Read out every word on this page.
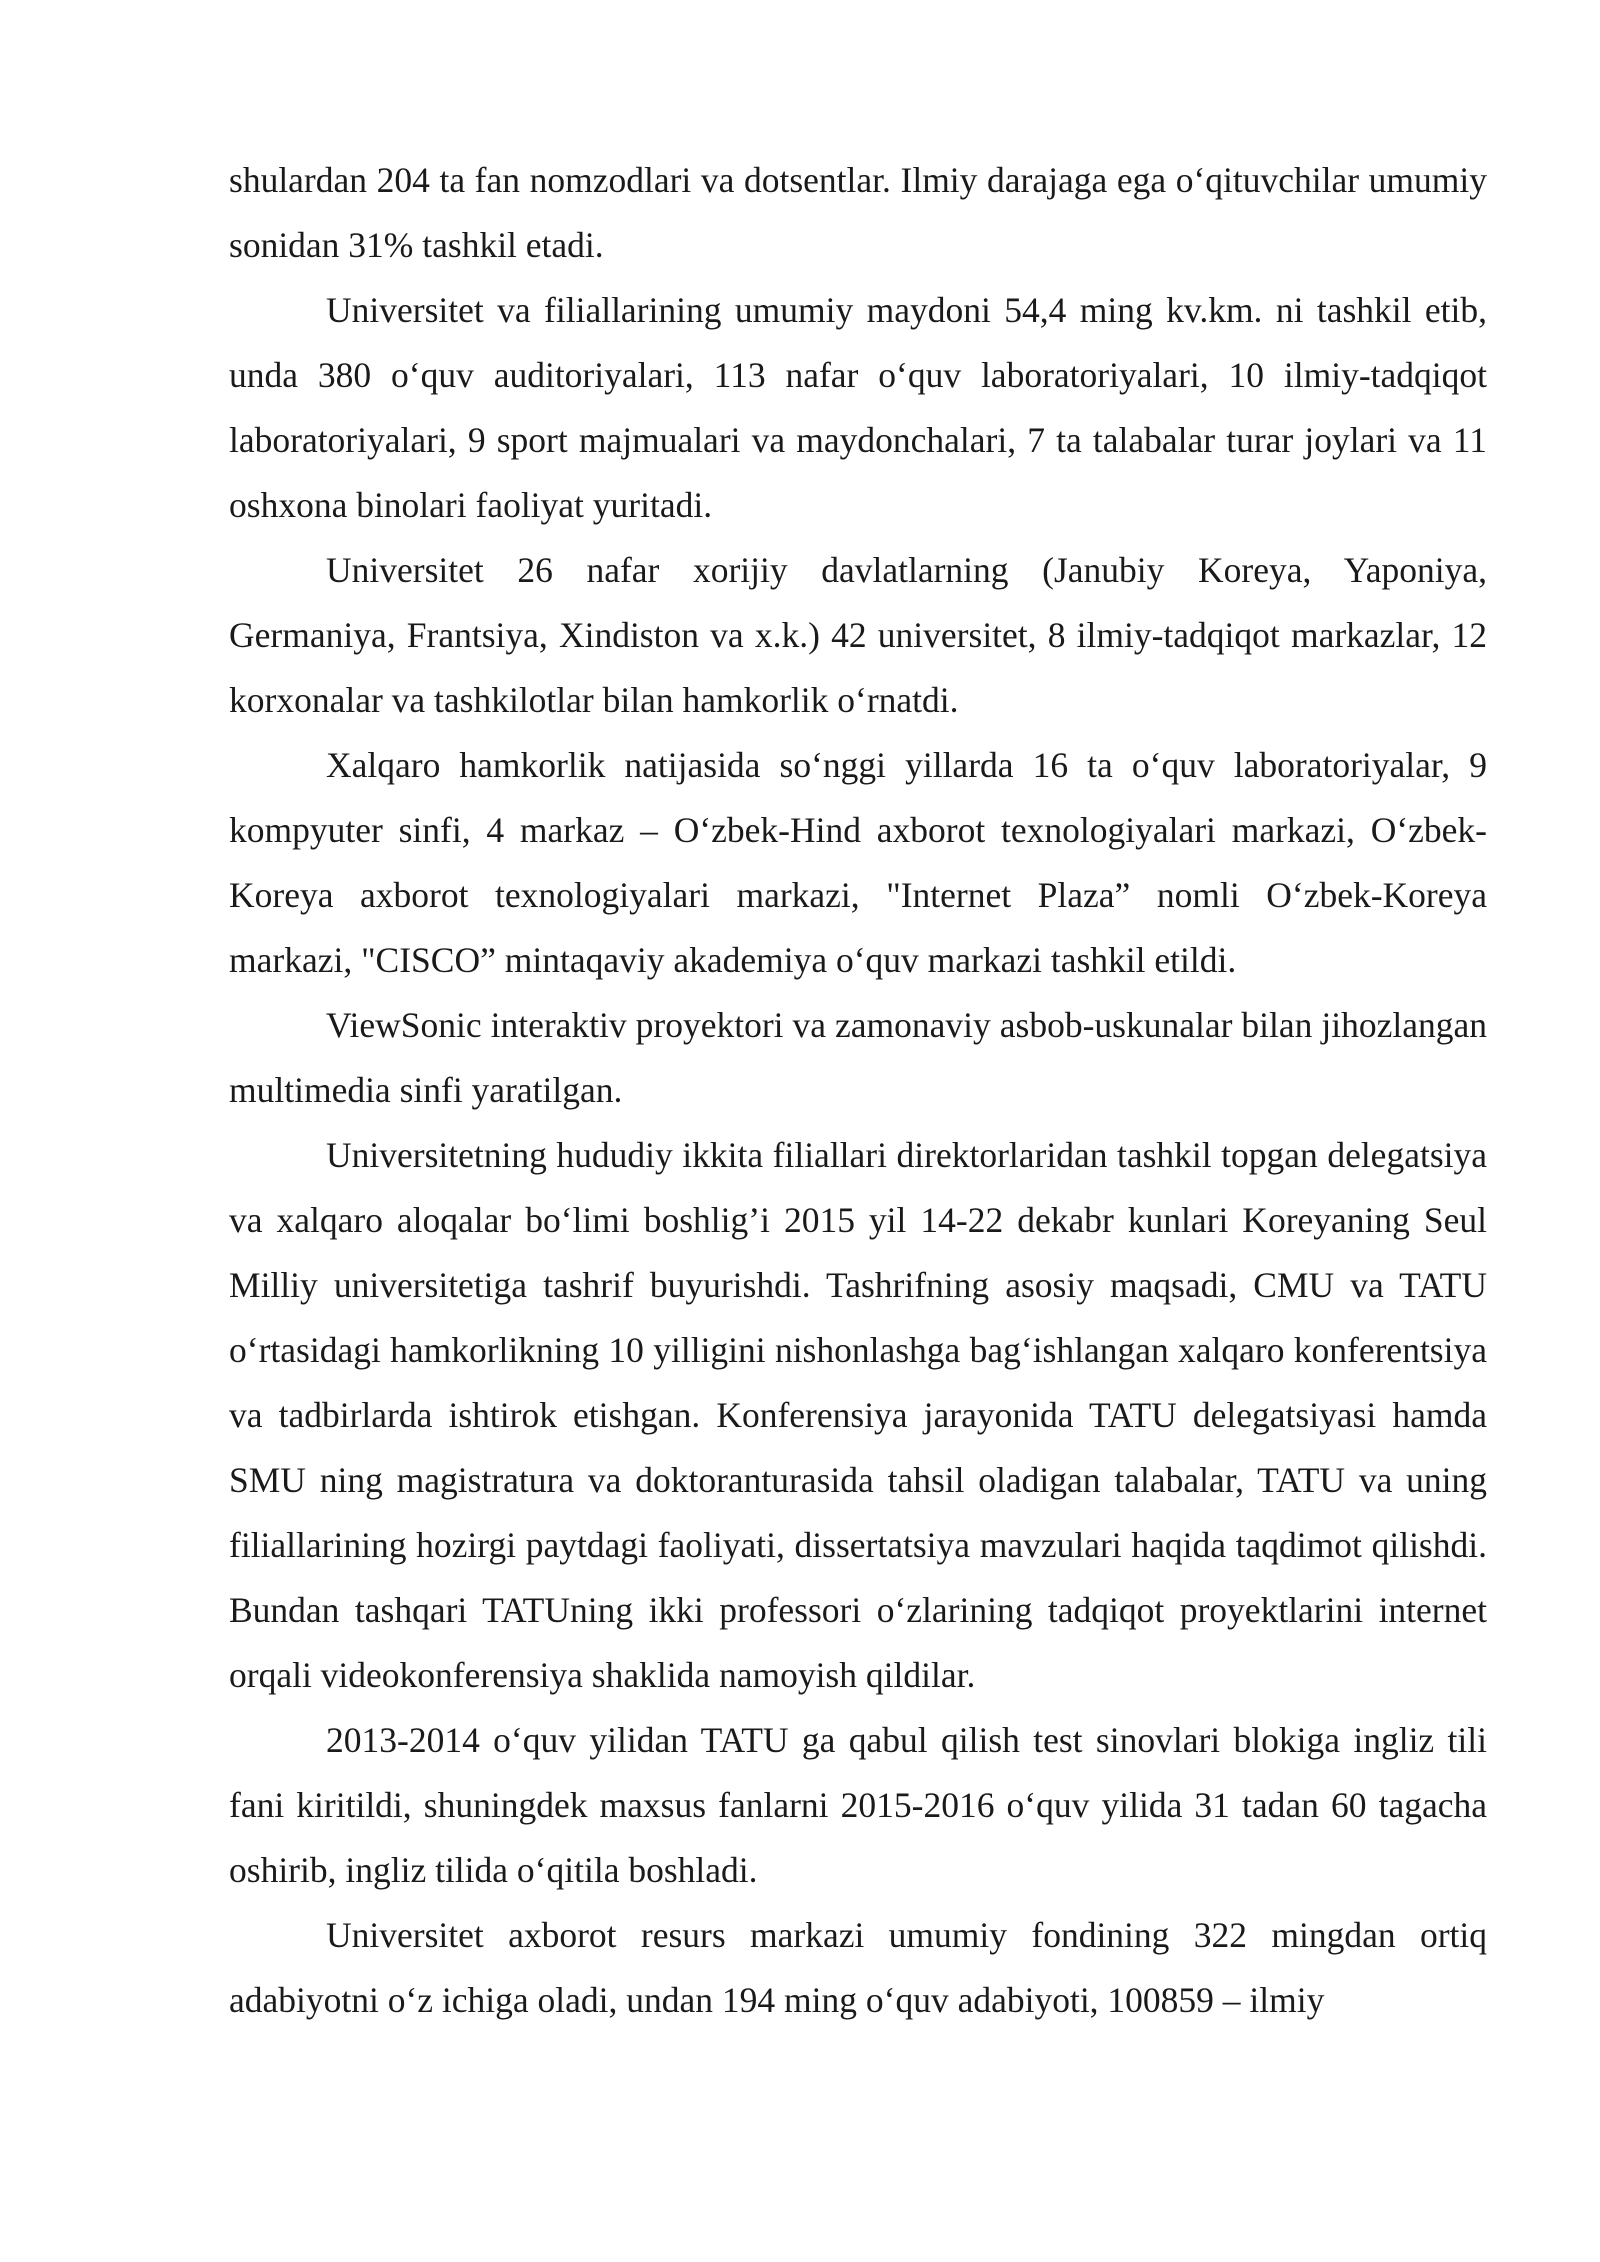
shulardan 204 ta fan nomzodlari va dotsentlar. Ilmiy darajaga ega o‘qituvchilar umumiy sonidan 31% tashkil etadi.

Universitet va filiallarining umumiy maydoni 54,4 ming kv.km. ni tashkil etib, unda 380 o‘quv auditoriyalari, 113 nafar o‘quv laboratoriyalari, 10 ilmiy-tadqiqot laboratoriyalari, 9 sport majmualari va maydonchalari, 7 ta talabalar turar joylari va 11 oshxona binolari faoliyat yuritadi.

Universitet 26 nafar xorijiy davlatlarning (Janubiy Koreya, Yaponiya, Germaniya, Frantsiya, Xindiston va x.k.) 42 universitet, 8 ilmiy-tadqiqot markazlar, 12 korxonalar va tashkilotlar bilan hamkorlik o‘rnatdi.

Xalqaro hamkorlik natijasida so‘nggi yillarda 16 ta o‘quv laboratoriyalar, 9 kompyuter sinfi, 4 markaz – O‘zbek-Hind axborot texnologiyalari markazi, O‘zbek-Koreya axborot texnologiyalari markazi, "Internet Plaza” nomli O‘zbek-Koreya markazi, "CISCO” mintaqaviy akademiya o‘quv markazi tashkil etildi.

ViewSonic interaktiv proyektori va zamonaviy asbob-uskunalar bilan jihozlangan multimedia sinfi yaratilgan.

Universitetning hududiy ikkita filiallari direktorlaridan tashkil topgan delegatsiya va xalqaro aloqalar bo‘limi boshlig’i 2015 yil 14-22 dekabr kunlari Koreyaning Seul Milliy universitetiga tashrif buyurishdi. Tashrifning asosiy maqsadi, CMU va TATU o‘rtasidagi hamkorlikning 10 yilligini nishonlashga bag‘ishlangan xalqaro konferentsiya va tadbirlarda ishtirok etishgan. Konferensiya jarayonida TATU delegatsiyasi hamda SMU ning magistratura va doktoranturasida tahsil oladigan talabalar, TATU va uning filiallarining hozirgi paytdagi faoliyati, dissertatsiya mavzulari haqida taqdimot qilishdi. Bundan tashqari TATUning ikki professori o‘zlarining tadqiqot proyektlarini internet orqali videokonferensiya shaklida namoyish qildilar.

2013-2014 o‘quv yilidan TATU ga qabul qilish test sinovlari blokiga ingliz tili fani kiritildi, shuningdek maxsus fanlarni 2015-2016 o‘quv yilida 31 tadan 60 tagacha oshirib, ingliz tilida o‘qitila boshladi.

Universitet axborot resurs markazi umumiy fondining 322 mingdan ortiq adabiyotni o‘z ichiga oladi, undan 194 ming o‘quv adabiyoti, 100859 – ilmiy
